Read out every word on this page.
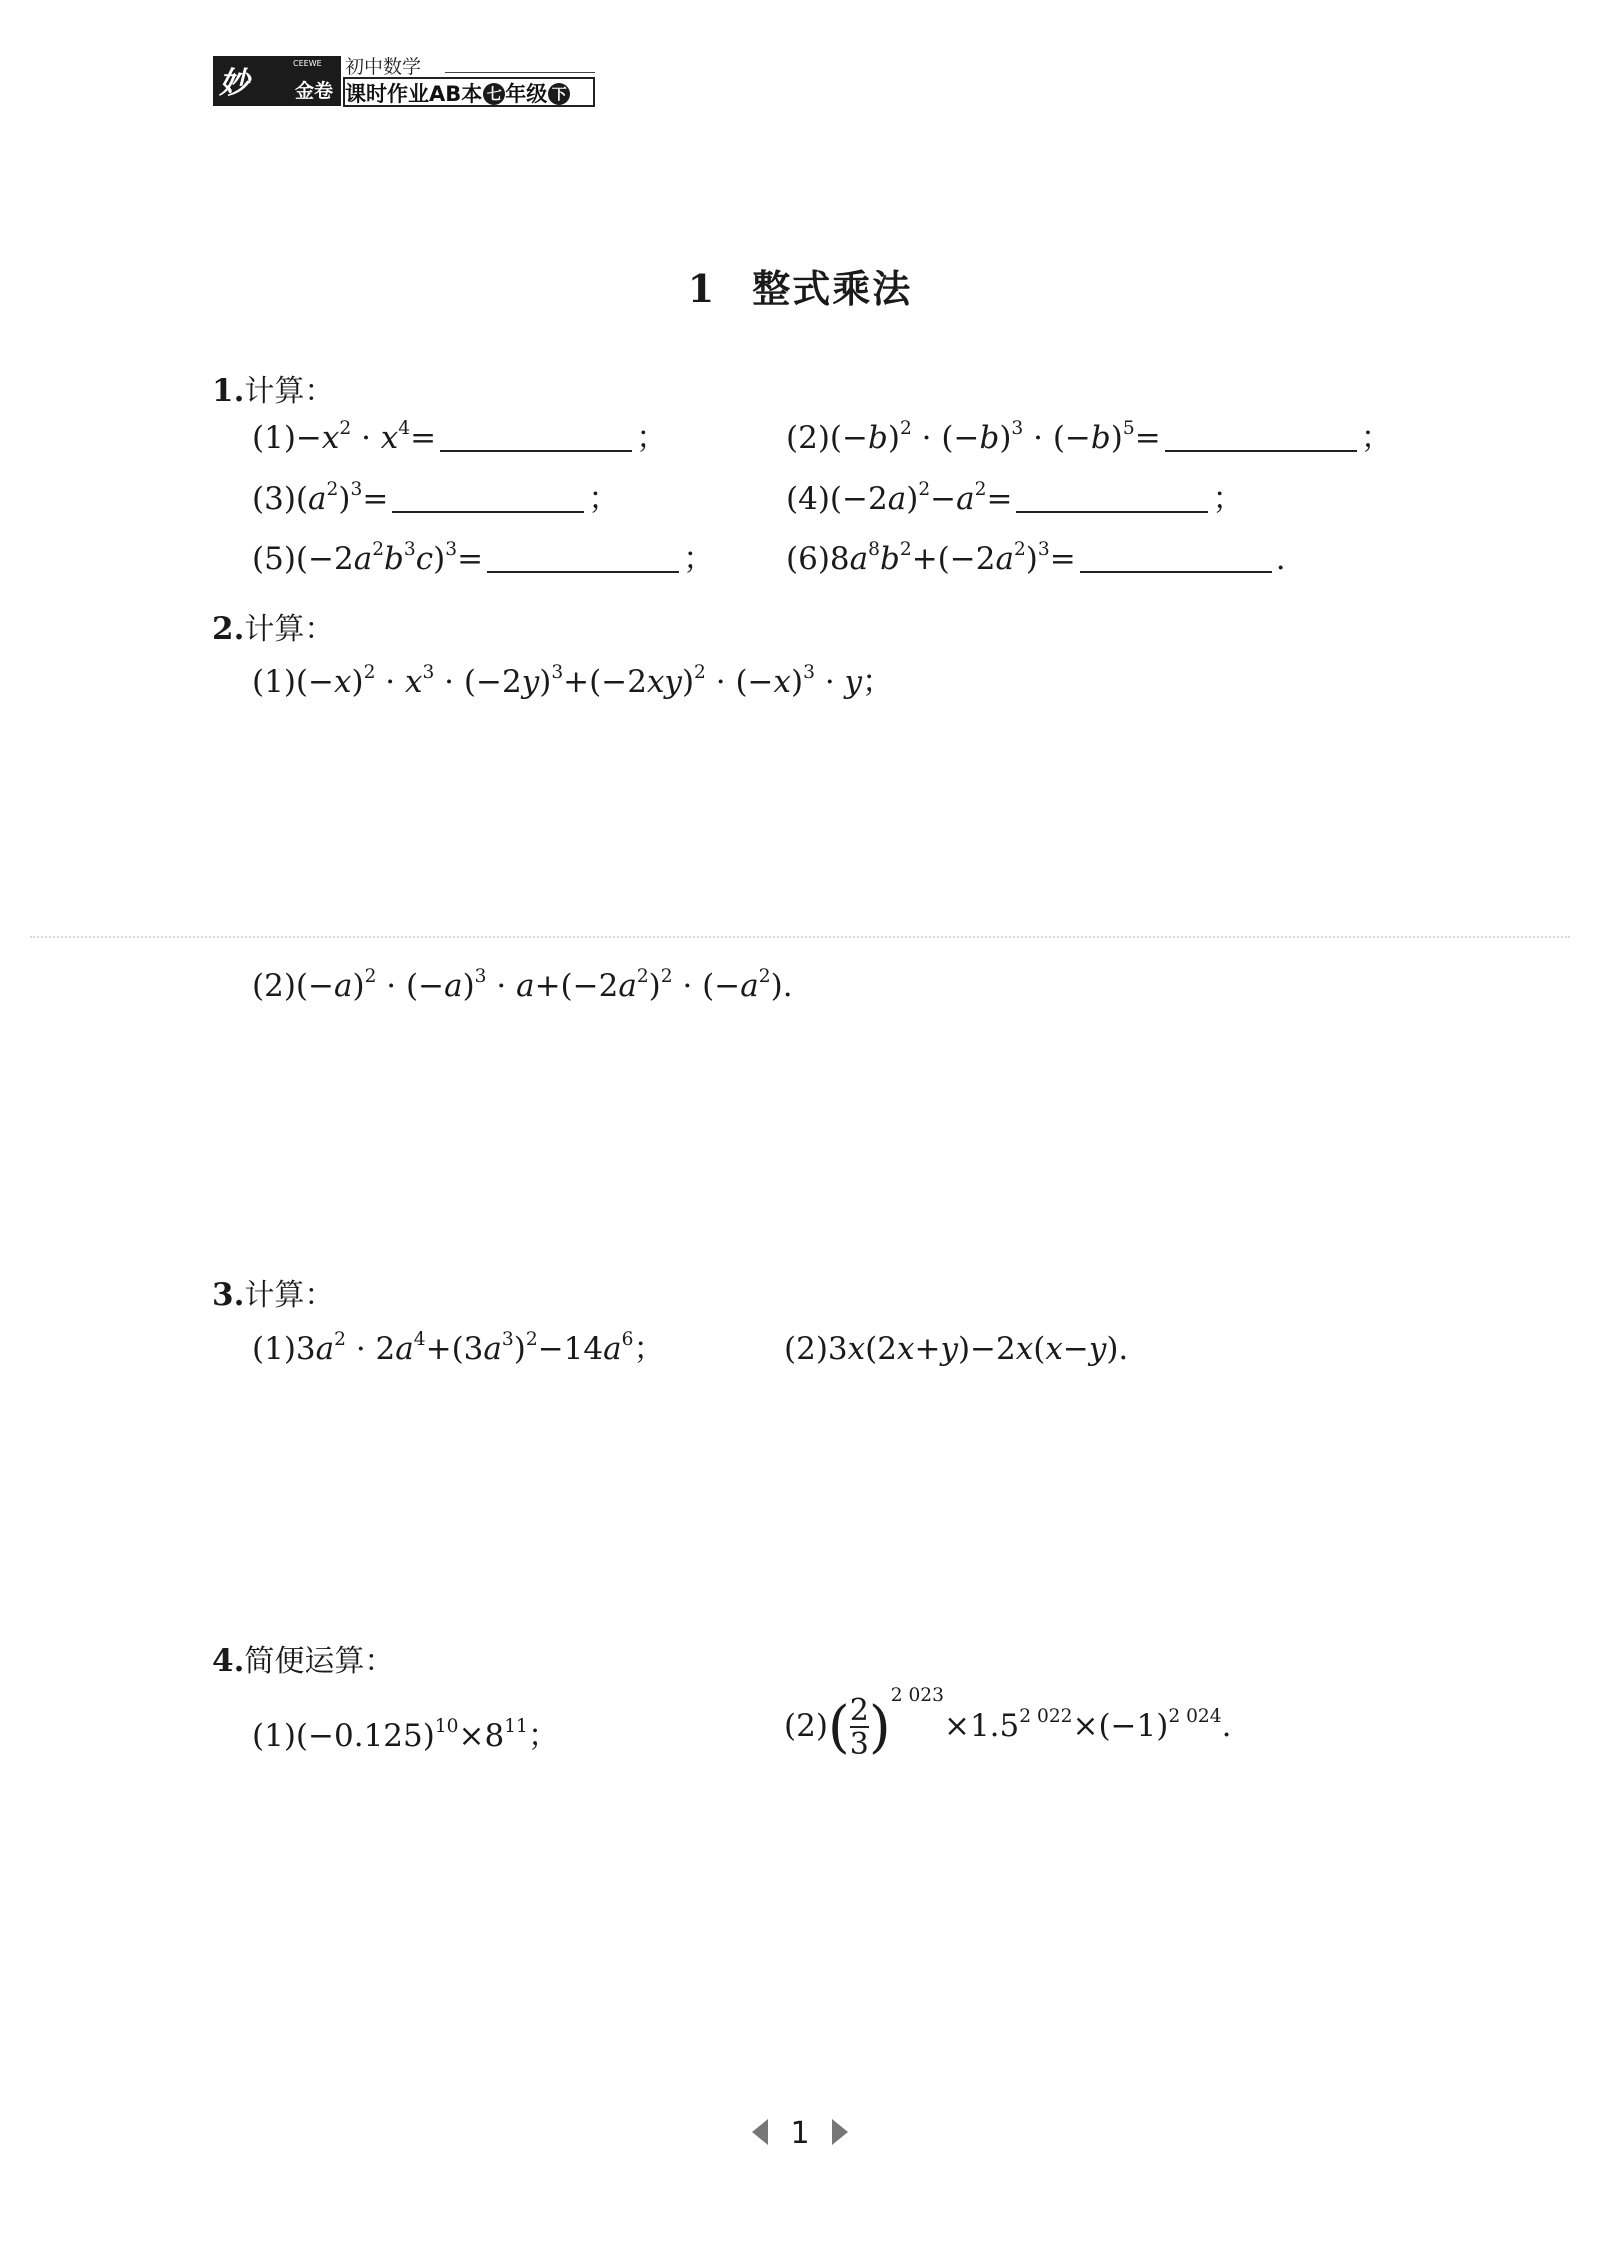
妙
CEEWE
金卷
初中数学
课时作业AB本 七 年级 下
1 整式乘法
1.计算：
$(1)-x^2 \cdot x^4=$	；	$(2)(-b)^2 \cdot (-b)^3 \cdot (-b)^5=$	；
$(3)(a^2)^3=$	；	$(4)(-2a)^2-a^2=$	；
$(5)(-2a^2b^3c)^3=$	； $(6)8a^8b^2+(-2a^2)^3=$	.
2.计算：
$(1)(-x)^2 \cdot x^3 \cdot (-2y)^3+(-2xy)^2 \cdot (-x)^3 \cdot y$；
$(2)(-a)^2 \cdot (-a)^3 \cdot a+(-2a^2)^2 \cdot (-a^2)$.
3.计算：
$(1)3a^2 \cdot 2a^4+(3a^3)^2-14a^6$；	(2)3x(2x+y)−2x(x−y).
4.简便运算：
$(1)(-0.125)^{10}\times 8^{11}$；	$(2)( \frac{2}{3} )^{2 023}\times 1.5^{2 022}\times(-1)^{2 024}$.
1
